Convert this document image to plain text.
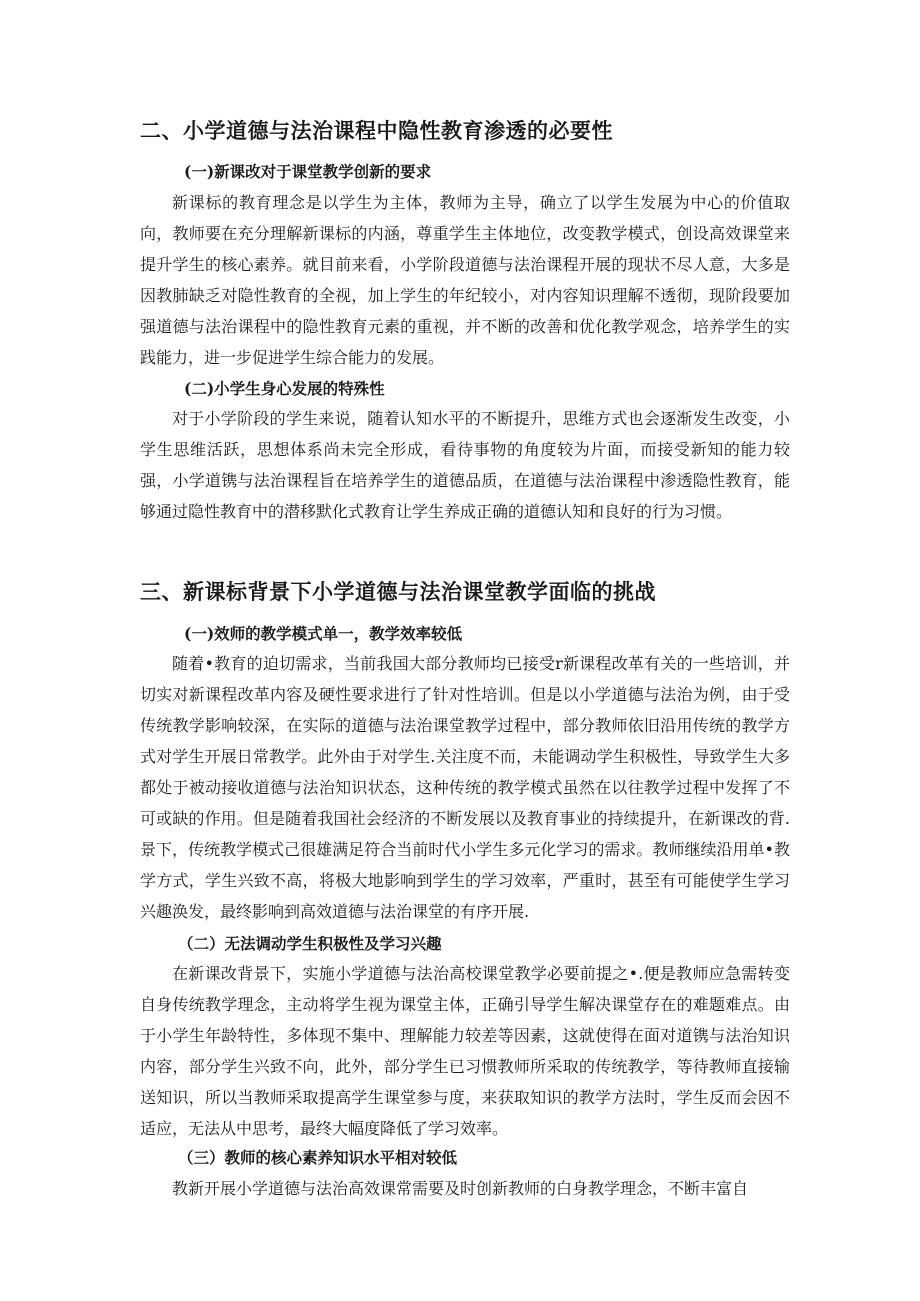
二、小学道德与法治课程中隐性教育渗透的必要性
(一)新课改对于课堂教学创新的要求

新课标的教育理念是以学生为主体，教师为主导，确立了以学生发展为中心的价值取向，教师要在充分理解新课标的内涵，尊重学生主体地位，改变教学模式，创设高效课堂来提升学生的核心素养。就目前来看，小学阶段道德与法治课程开展的现状不尽人意，大多是因教肺缺乏对隐性教育的全视，加上学生的年纪较小，对内容知识理解不透彻，现阶段要加强道德与法治课程中的隐性教育元素的重视，并不断的改善和优化教学观念，培养学生的实践能力，进一步促进学生综合能力的发展。

(二)小学生身心发展的特殊性

对于小学阶段的学生来说，随着认知水平的不断提升，思维方式也会逐渐发生改变，小学生思维活跃，思想体系尚未完全形成，看待事物的角度较为片面，而接受新知的能力较强，小学道镌与法治课程旨在培养学生的道德品质，在道德与法治课程中渗透隐性教育，能够通过隐性教育中的潜移默化式教育让学生养成正确的道德认知和良好的行为习惯。

三、新课标背景下小学道德与法治课堂教学面临的挑战
(一)效师的教学模式单一，教学效率较低

随着•教育的迫切需求，当前我国大部分教师均已接受r新课程改革有关的一些培训，并切实对新课程改革内容及硬性要求进行了针对性培训。但是以小学道德与法治为例，由于受传统教学影响较深，在实际的道德与法治课堂教学过程中，部分教师依旧沿用传统的教学方式对学生开展日常教学。此外由于对学生.关注度不而，未能调动学生积极性，导致学生大多都处于被动接收道德与法治知识状态，这种传统的教学模式虽然在以往教学过程中发挥了不可或缺的作用。但是随着我国社会经济的不断发展以及教育事业的持续提升，在新课改的背.景下，传统教学模式己很雄满足符合当前时代小学生多元化学习的需求。教师继续沿用单•教学方式，学生兴致不高，将极大地影响到学生的学习效率，严重时，甚至有可能使学生学习兴趣涣发，最终影响到高效道德与法治课堂的有序开展.

（二）无法调动学生积极性及学习兴趣

在新课改背景下，实施小学道德与法治高校课堂教学必要前提之•.便是教师应急需转变自身传统教学理念，主动将学生视为课堂主体，正确引导学生解决课堂存在的难题难点。由于小学生年龄特性，多体现不集中、理解能力较差等因素，这就使得在面对道镌与法治知识内容，部分学生兴致不向，此外，部分学生已习惯教师所采取的传统教学，等待教师直接输送知识，所以当教师采取提高学生课堂参与度，来获取知识的教学方法时，学生反而会因不适应，无法从中思考，最终大幅度降低了学习效率。

（三）教师的核心素养知识水平相对较低

教新开展小学道德与法治高效课常需要及时创新教师的白身教学理念，不断丰富自
